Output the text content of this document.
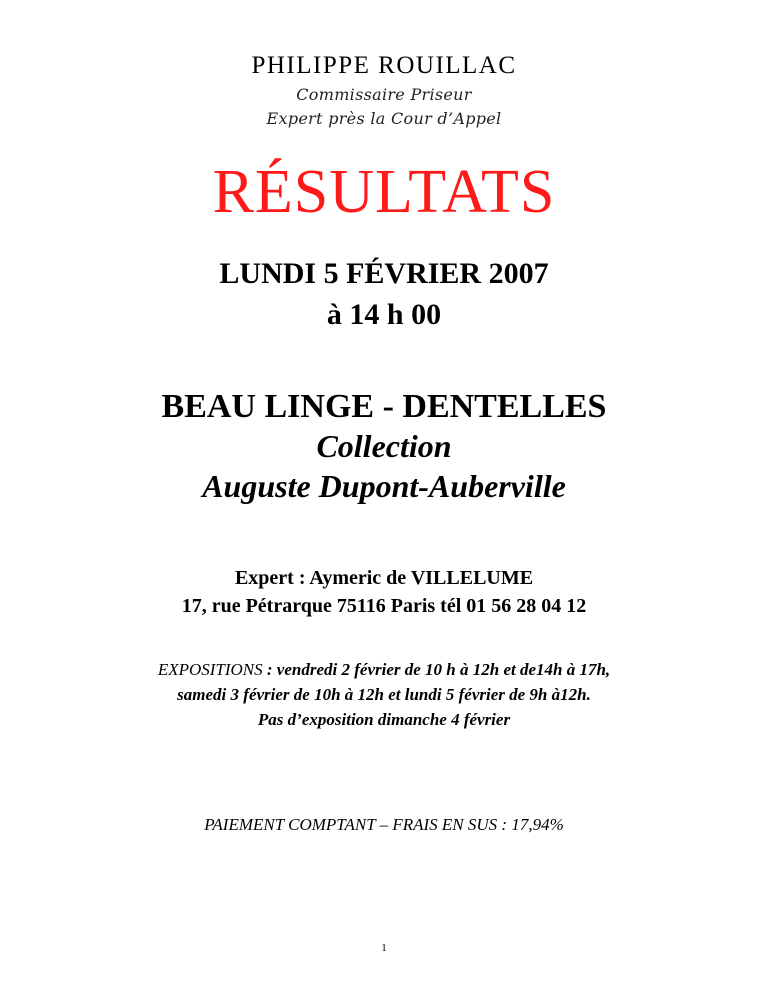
PHILIPPE ROUILLAC
Commissaire Priseur
Expert près la Cour d’Appel
RÉSULTATS
LUNDI 5 FÉVRIER 2007
à 14 h 00
BEAU LINGE - DENTELLES
Collection
Auguste Dupont-Auberville
Expert : Aymeric de VILLELUME
17, rue Pétrarque 75116 Paris tél 01 56 28 04 12
EXPOSITIONS : vendredi 2 février de 10 h à 12h et de14h à 17h,
samedi 3 février de 10h à 12h et lundi 5 février de 9h à12h.
Pas d’exposition dimanche 4 février
PAIEMENT COMPTANT – FRAIS EN SUS : 17,94%
1
